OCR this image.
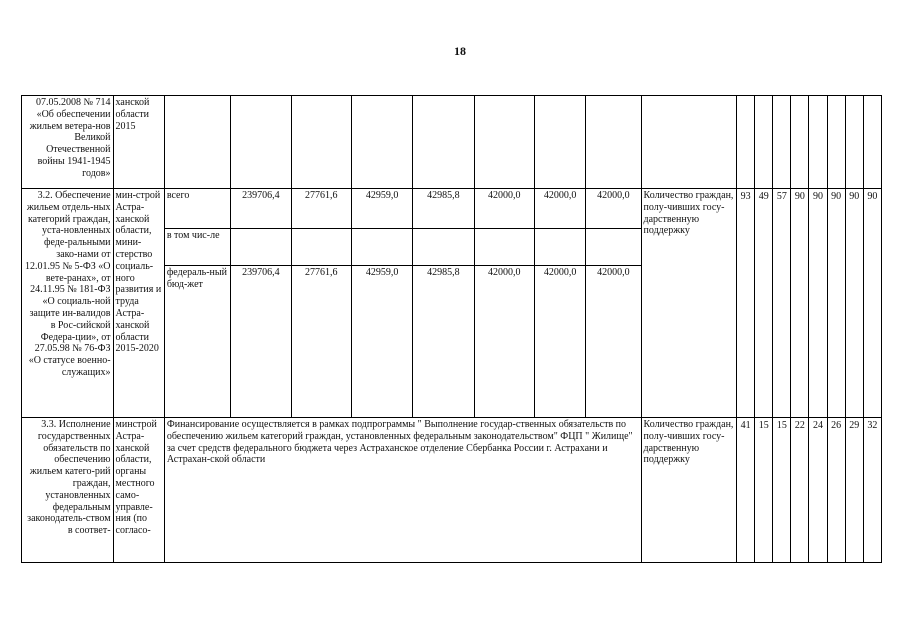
18
07.05.2008 № 714 «Об обеспечении жильем ветера-нов Великой Отечественной войны 1941-1945 годов»	ханской области 2015																	
3.2. Обеспечение жильем отдель-ных категорий граждан, уста-новленных феде-ральными зако-нами от 12.01.95 № 5-ФЗ «О вете-ранах», от 24.11.95 № 181-ФЗ «О социаль-ной защите ин-валидов в Рос-сийской Федера-ции», от 27.05.98 № 76-ФЗ «О статусе военно-служащих»	мин-строй Астра-ханской области, мини-стерство социаль-ного развития и труда Астра-ханской области 2015-2020	всего	239706,4	27761,6	42959,0	42985,8	42000,0	42000,0	42000,0	Количество граждан, полу-чивших госу-дарственную поддержку	93	49	57	90	90	90	90	90
		в том чис-ле																
		федераль-ный бюд-жет	239706,4	27761,6	42959,0	42985,8	42000,0	42000,0	42000,0									
3.3. Исполнение государственных обязательств по обеспечению жильем катего-рий граждан, установленных федеральным законодатель-ством в соответ-	минстрой Астра-ханской области, органы местного само-управле-ния (по согласо-	Финансирование осуществляется в рамках подпрограммы " Выполнение государ-ственных обязательств по обеспечению жильем категорий граждан, установленных федеральным законодательством" ФЦП " Жилище" за счет средств федерального бюджета через Астраханское отделение Сбербанка России г. Астрахани и Астрахан-ской области								Количество граждан, полу-чивших госу-дарственную поддержку	41	15	15	22	24	26	29	32
